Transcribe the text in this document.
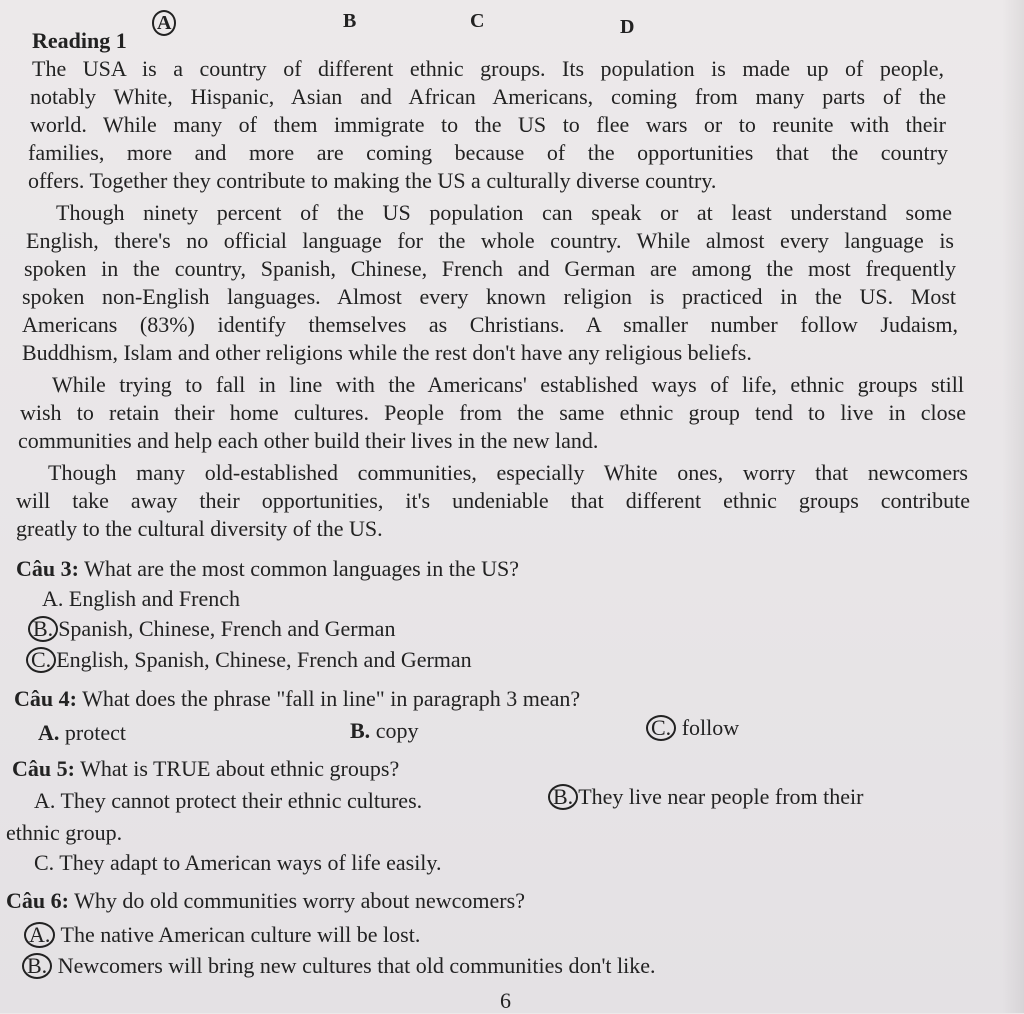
A	B	C	D
Reading 1
The USA is a country of different ethnic groups. Its population is made up of people,
notably White, Hispanic, Asian and African Americans, coming from many parts of the
world. While many of them immigrate to the US to flee wars or to reunite with their
families, more and more are coming because of the opportunities that the country
offers. Together they contribute to making the US a culturally diverse country.
Though ninety percent of the US population can speak or at least understand some
English, there's no official language for the whole country. While almost every language is
spoken in the country, Spanish, Chinese, French and German are among the most frequently
spoken non-English languages. Almost every known religion is practiced in the US. Most
Americans (83%) identify themselves as Christians. A smaller number follow Judaism,
Buddhism, Islam and other religions while the rest don't have any religious beliefs.
While trying to fall in line with the Americans' established ways of life, ethnic groups still
wish to retain their home cultures. People from the same ethnic group tend to live in close
communities and help each other build their lives in the new land.
Though many old-established communities, especially White ones, worry that newcomers
will take away their opportunities, it's undeniable that different ethnic groups contribute
greatly to the cultural diversity of the US.
Câu 3: What are the most common languages in the US?
A. English and French
B. Spanish, Chinese, French and German
C. English, Spanish, Chinese, French and German
Câu 4: What does the phrase "fall in line" in paragraph 3 mean?
A. protect	B. copy	C. follow
Câu 5: What is TRUE about ethnic groups?
A. They cannot protect their ethnic cultures.	B. They live near people from their
ethnic group.
C. They adapt to American ways of life easily.
Câu 6: Why do old communities worry about newcomers?
A. The native American culture will be lost.
B. Newcomers will bring new cultures that old communities don't like.
6
